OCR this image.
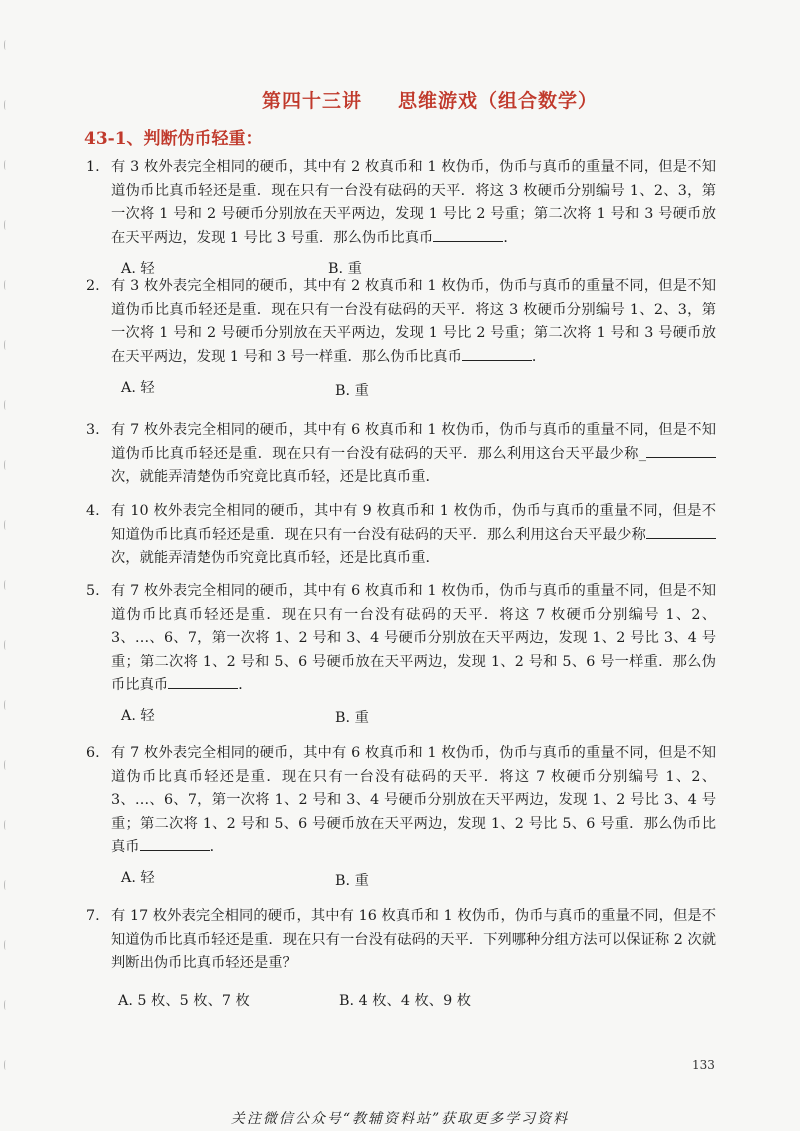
第四十三讲 思维游戏（组合数学）
43-1、判断伪币轻重：
1. 有 3 枚外表完全相同的硬币，其中有 2 枚真币和 1 枚伪币，伪币与真币的重量不同，但是不知道伪币比真币轻还是重．现在只有一台没有砝码的天平．将这 3 枚硬币分别编号 1、2、3，第一次将 1 号和 2 号硬币分别放在天平两边，发现 1 号比 2 号重；第二次将 1 号和 3 号硬币放在天平两边，发现 1 号比 3 号重．那么伪币比真币	．
A. 轻	B. 重
2. 有 3 枚外表完全相同的硬币，其中有 2 枚真币和 1 枚伪币，伪币与真币的重量不同，但是不知道伪币比真币轻还是重．现在只有一台没有砝码的天平．将这 3 枚硬币分别编号 1、2、3，第一次将 1 号和 2 号硬币分别放在天平两边，发现 1 号比 2 号重；第二次将 1 号和 3 号硬币放在天平两边，发现 1 号和 3 号一样重．那么伪币比真币	．
A. 轻	B. 重
3. 有 7 枚外表完全相同的硬币，其中有 6 枚真币和 1 枚伪币，伪币与真币的重量不同，但是不知道伪币比真币轻还是重．现在只有一台没有砝码的天平．那么利用这台天平最少称_次，就能弄清楚伪币究竟比真币轻，还是比真币重．
4. 有 10 枚外表完全相同的硬币，其中有 9 枚真币和 1 枚伪币，伪币与真币的重量不同，但是不知道伪币比真币轻还是重．现在只有一台没有砝码的天平．那么利用这台天平最少称次，就能弄清楚伪币究竟比真币轻，还是比真币重．
5. 有 7 枚外表完全相同的硬币，其中有 6 枚真币和 1 枚伪币，伪币与真币的重量不同，但是不知道伪币比真币轻还是重．现在只有一台没有砝码的天平．将这 7 枚硬币分别编号 1、2、3、…、6、7，第一次将 1、2 号和 3、4 号硬币分别放在天平两边，发现 1、2 号比 3、4 号重；第二次将 1、2 号和 5、6 号硬币放在天平两边，发现 1、2 号和 5、6 号一样重．那么伪币比真币	．
A. 轻	B. 重
6. 有 7 枚外表完全相同的硬币，其中有 6 枚真币和 1 枚伪币，伪币与真币的重量不同，但是不知道伪币比真币轻还是重．现在只有一台没有砝码的天平．将这 7 枚硬币分别编号 1、2、3、…、6、7，第一次将 1、2 号和 3、4 号硬币分别放在天平两边，发现 1、2 号比 3、4 号重；第二次将 1、2 号和 5、6 号硬币放在天平两边，发现 1、2 号比 5、6 号重．那么伪币比真币	．
A. 轻	B. 重
7. 有 17 枚外表完全相同的硬币，其中有 16 枚真币和 1 枚伪币，伪币与真币的重量不同，但是不知道伪币比真币轻还是重．现在只有一台没有砝码的天平．下列哪种分组方法可以保证称 2 次就判断出伪币比真币轻还是重？
A. 5 枚、5 枚、7 枚	B. 4 枚、4 枚、9 枚
133
关注微信公众号“教辅资料站”获取更多学习资料
